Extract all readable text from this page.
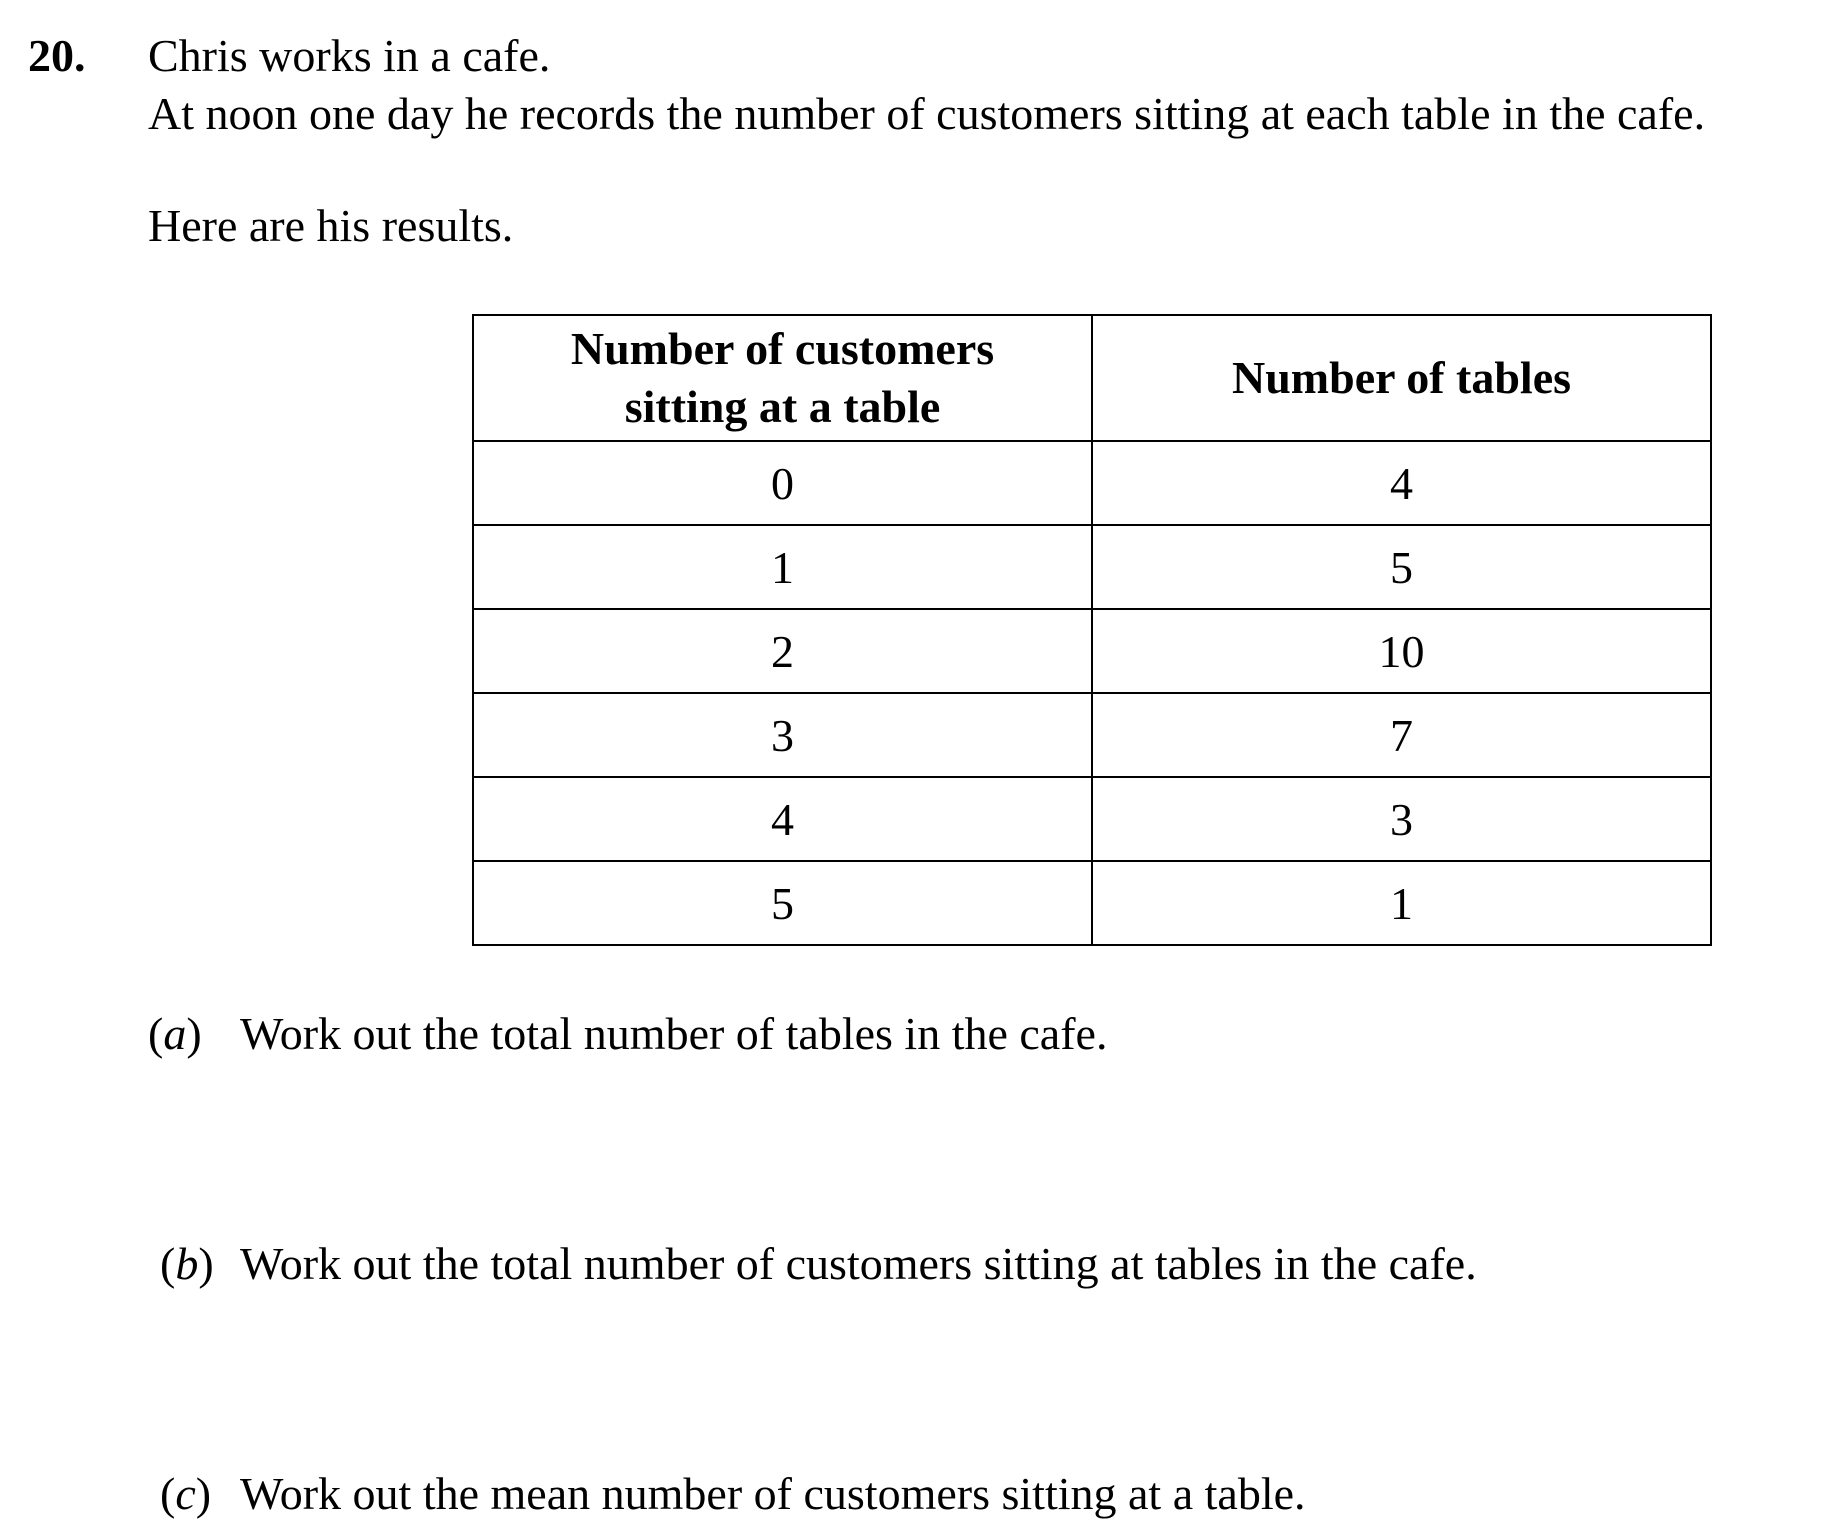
20. Chris works in a cafe.
At noon one day he records the number of customers sitting at each table in the cafe.
Here are his results.
Number of customers
sitting at a table	Number of tables
0	4
1	5
2	10
3	7
4	3
5	1
(a) Work out the total number of tables in the cafe.
(b) Work out the total number of customers sitting at tables in the cafe.
(c) Work out the mean number of customers sitting at a table.
